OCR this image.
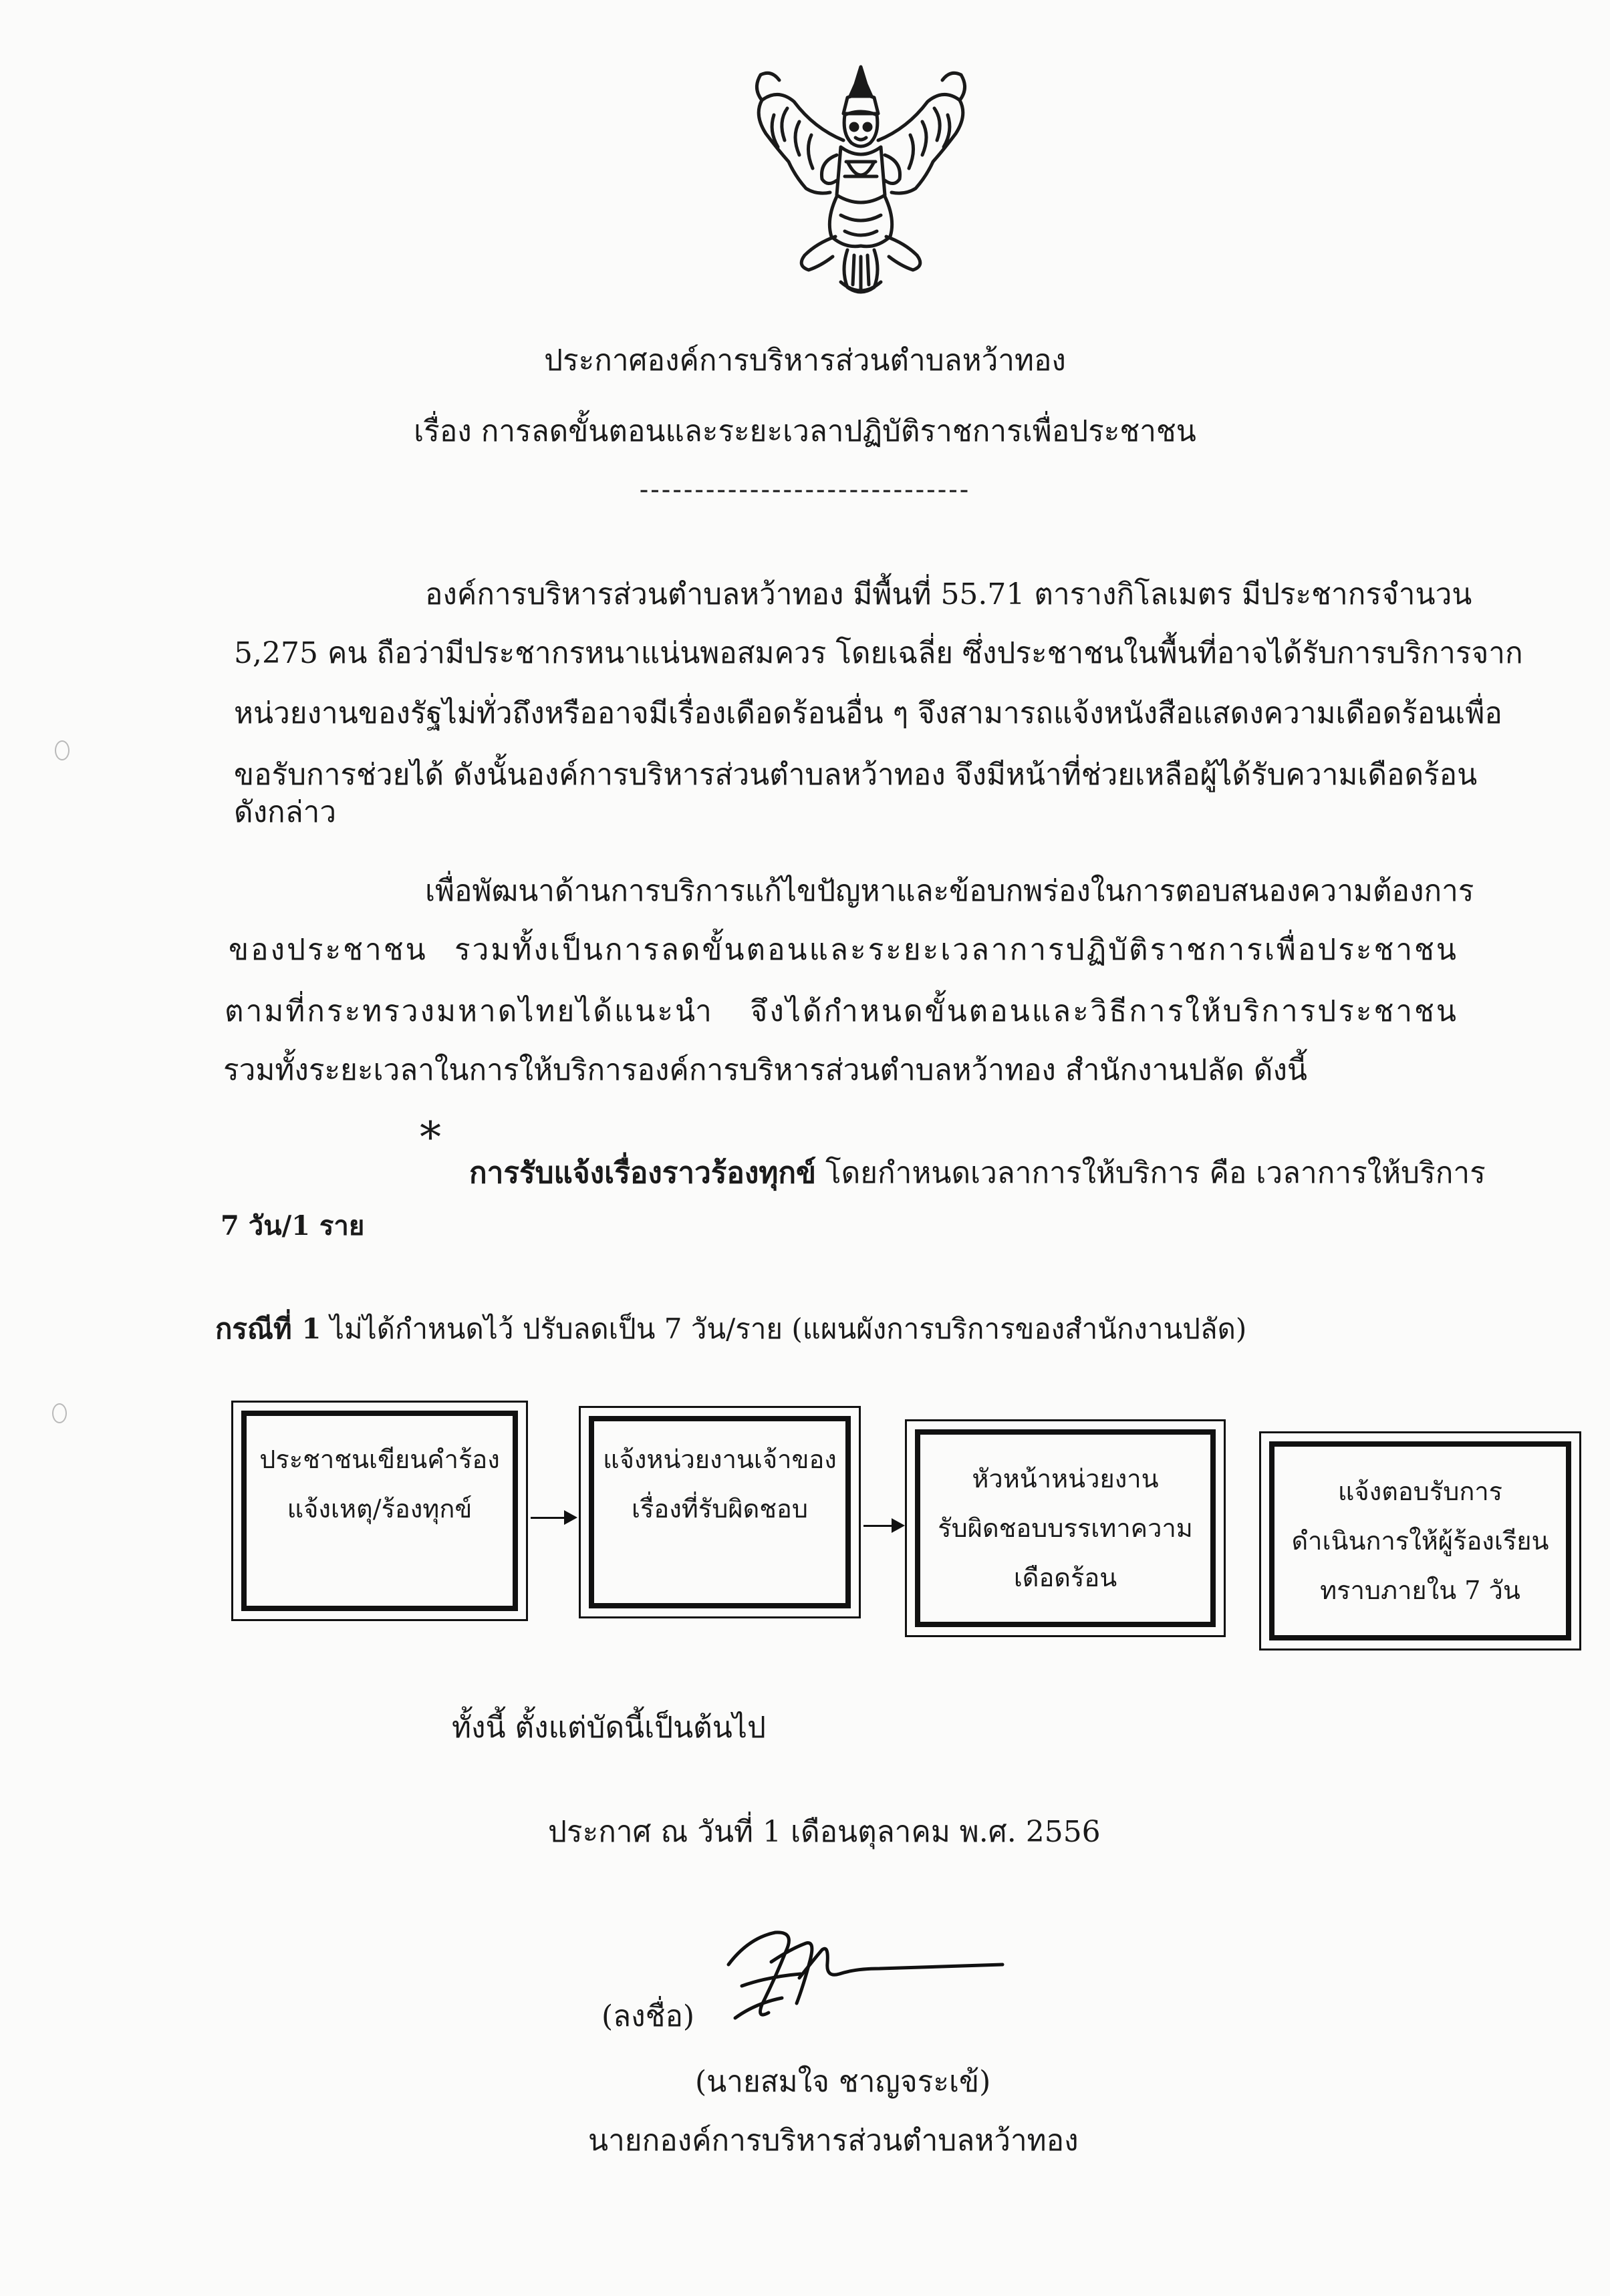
ประกาศองค์การบริหารส่วนตำบลหว้าทอง
เรื่อง การลดขั้นตอนและระยะเวลาปฏิบัติราชการเพื่อประชาชน
------------------------------
องค์การบริหารส่วนตำบลหว้าทอง มีพื้นที่ 55.71 ตารางกิโลเมตร มีประชากรจำนวน
5,275 คน ถือว่ามีประชากรหนาแน่นพอสมควร โดยเฉลี่ย ซึ่งประชาชนในพื้นที่อาจได้รับการบริการจาก
หน่วยงานของรัฐไม่ทั่วถึงหรืออาจมีเรื่องเดือดร้อนอื่น ๆ จึงสามารถแจ้งหนังสือแสดงความเดือดร้อนเพื่อ
ขอรับการช่วยได้ ดังนั้นองค์การบริหารส่วนตำบลหว้าทอง จึงมีหน้าที่ช่วยเหลือผู้ได้รับความเดือดร้อน
ดังกล่าว
เพื่อพัฒนาด้านการบริการแก้ไขปัญหาและข้อบกพร่องในการตอบสนองความต้องการ
ของประชาชน รวมทั้งเป็นการลดขั้นตอนและระยะเวลาการปฏิบัติราชการเพื่อประชาชน
ตามที่กระทรวงมหาดไทยได้แนะนำ จึงได้กำหนดขั้นตอนและวิธีการให้บริการประชาชน
รวมทั้งระยะเวลาในการให้บริการองค์การบริหารส่วนตำบลหว้าทอง สำนักงานปลัด ดังนี้
*
การรับแจ้งเรื่องราวร้องทุกข์ โดยกำหนดเวลาการให้บริการ คือ เวลาการให้บริการ
7 วัน/1 ราย
กรณีที่ 1 ไม่ได้กำหนดไว้ ปรับลดเป็น 7 วัน/ราย (แผนผังการบริการของสำนักงานปลัด)
ประชาชนเขียนคำร้อง
แจ้งเหตุ/ร้องทุกข์
แจ้งหน่วยงานเจ้าของ
เรื่องที่รับผิดชอบ
หัวหน้าหน่วยงาน
รับผิดชอบบรรเทาความ
เดือดร้อน
แจ้งตอบรับการ
ดำเนินการให้ผู้ร้องเรียน
ทราบภายใน 7 วัน
ทั้งนี้ ตั้งแต่บัดนี้เป็นต้นไป
ประกาศ ณ วันที่ 1 เดือนตุลาคม พ.ศ. 2556
(ลงชื่อ)
(นายสมใจ ชาญจระเข้)
นายกองค์การบริหารส่วนตำบลหว้าทอง
